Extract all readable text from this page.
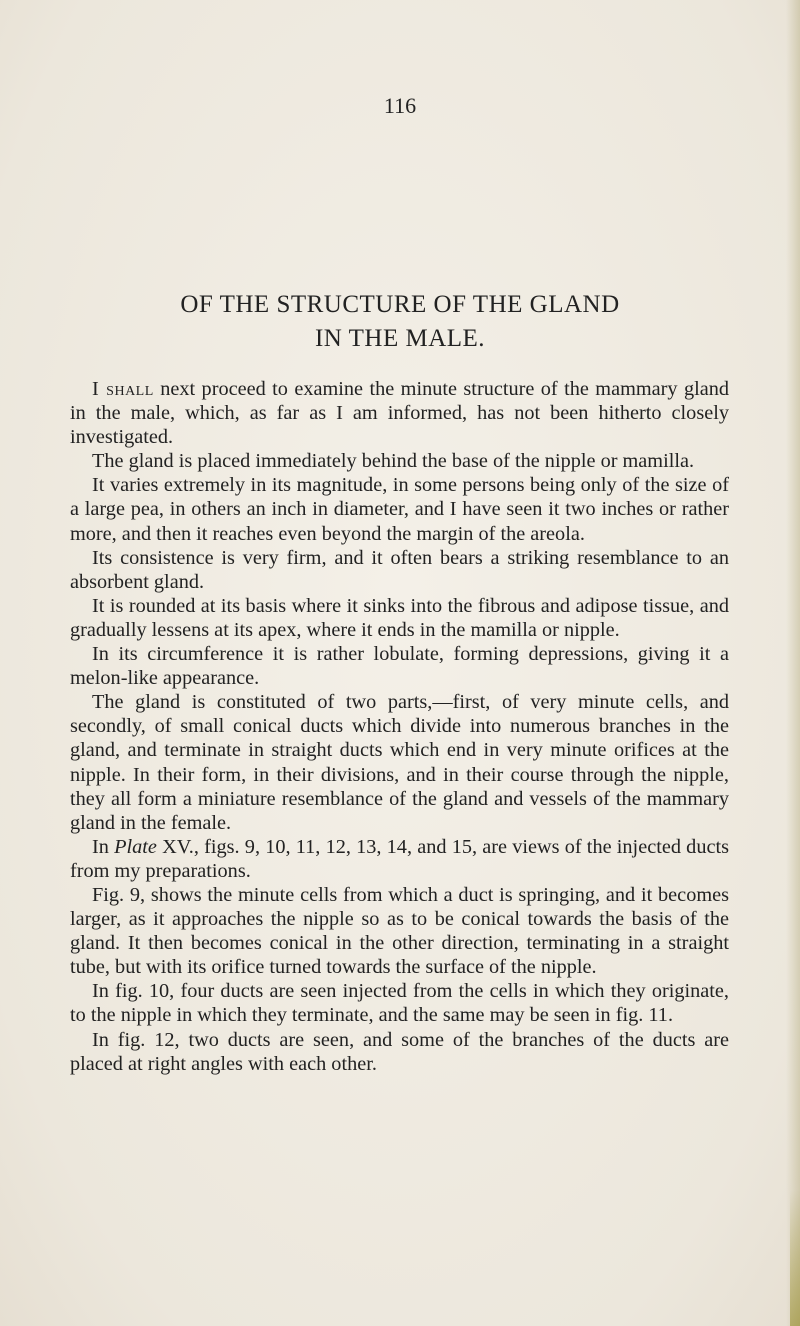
116
OF THE STRUCTURE OF THE GLAND
IN THE MALE.

I shall next proceed to examine the minute structure of the mammary gland in the male, which, as far as I am informed, has not been hitherto closely investigated.

The gland is placed immediately behind the base of the nipple or mamilla.

It varies extremely in its magnitude, in some persons being only of the size of a large pea, in others an inch in diameter, and I have seen it two inches or rather more, and then it reaches even beyond the margin of the areola.

Its consistence is very firm, and it often bears a striking resemblance to an absorbent gland.

It is rounded at its basis where it sinks into the fibrous and adipose tissue, and gradually lessens at its apex, where it ends in the mamilla or nipple.

In its circumference it is rather lobulate, forming depressions, giving it a melon-like appearance.

The gland is constituted of two parts,—first, of very minute cells, and secondly, of small conical ducts which divide into numerous branches in the gland, and terminate in straight ducts which end in very minute orifices at the nipple. In their form, in their divisions, and in their course through the nipple, they all form a miniature resemblance of the gland and vessels of the mammary gland in the female.

In Plate XV., figs. 9, 10, 11, 12, 13, 14, and 15, are views of the injected ducts from my preparations.

Fig. 9, shows the minute cells from which a duct is springing, and it becomes larger, as it approaches the nipple so as to be conical towards the basis of the gland. It then becomes conical in the other direction, terminating in a straight tube, but with its orifice turned towards the surface of the nipple.

In fig. 10, four ducts are seen injected from the cells in which they originate, to the nipple in which they terminate, and the same may be seen in fig. 11.

In fig. 12, two ducts are seen, and some of the branches of the ducts are placed at right angles with each other.
